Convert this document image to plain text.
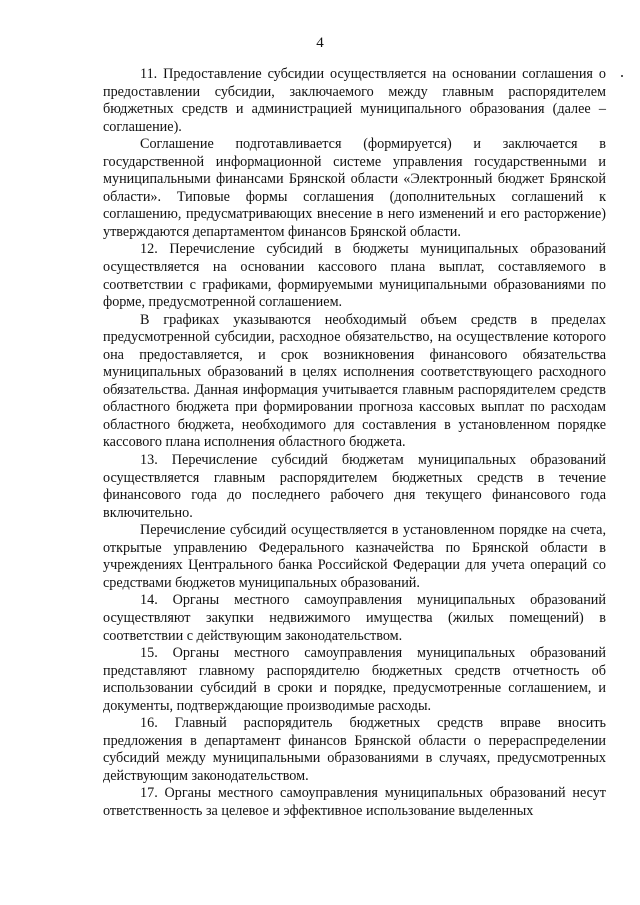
4

11. Предоставление субсидии осуществляется на основании соглашения о предоставлении субсидии, заключаемого между главным распорядителем бюджетных средств и администрацией муниципального образования (далее – соглашение).

Соглашение подготавливается (формируется) и заключается в государственной информационной системе управления государственными и муниципальными финансами Брянской области «Электронный бюджет Брянской области». Типовые формы соглашения (дополнительных соглашений к соглашению, предусматривающих внесение в него изменений и его расторжение) утверждаются департаментом финансов Брянской области.

12. Перечисление субсидий в бюджеты муниципальных образований осуществляется на основании кассового плана выплат, составляемого в соответствии с графиками, формируемыми муниципальными образованиями по форме, предусмотренной соглашением.

В графиках указываются необходимый объем средств в пределах предусмотренной субсидии, расходное обязательство, на осуществление которого она предоставляется, и срок возникновения финансового обязательства муниципальных образований в целях исполнения соответствующего расходного обязательства. Данная информация учитывается главным распорядителем средств областного бюджета при формировании прогноза кассовых выплат по расходам областного бюджета, необходимого для составления в установленном порядке кассового плана исполнения областного бюджета.

13. Перечисление субсидий бюджетам муниципальных образований осуществляется главным распорядителем бюджетных средств в течение финансового года до последнего рабочего дня текущего финансового года включительно.

Перечисление субсидий осуществляется в установленном порядке на счета, открытые управлению Федерального казначейства по Брянской области в учреждениях Центрального банка Российской Федерации для учета операций со средствами бюджетов муниципальных образований.

14. Органы местного самоуправления муниципальных образований осуществляют закупки недвижимого имущества (жилых помещений) в соответствии с действующим законодательством.

15. Органы местного самоуправления муниципальных образований представляют главному распорядителю бюджетных средств отчетность об использовании субсидий в сроки и порядке, предусмотренные соглашением, и документы, подтверждающие производимые расходы.

16. Главный распорядитель бюджетных средств вправе вносить предложения в департамент финансов Брянской области о перераспределении субсидий между муниципальными образованиями в случаях, предусмотренных действующим законодательством.

17. Органы местного самоуправления муниципальных образований несут ответственность за целевое и эффективное использование выделенных
